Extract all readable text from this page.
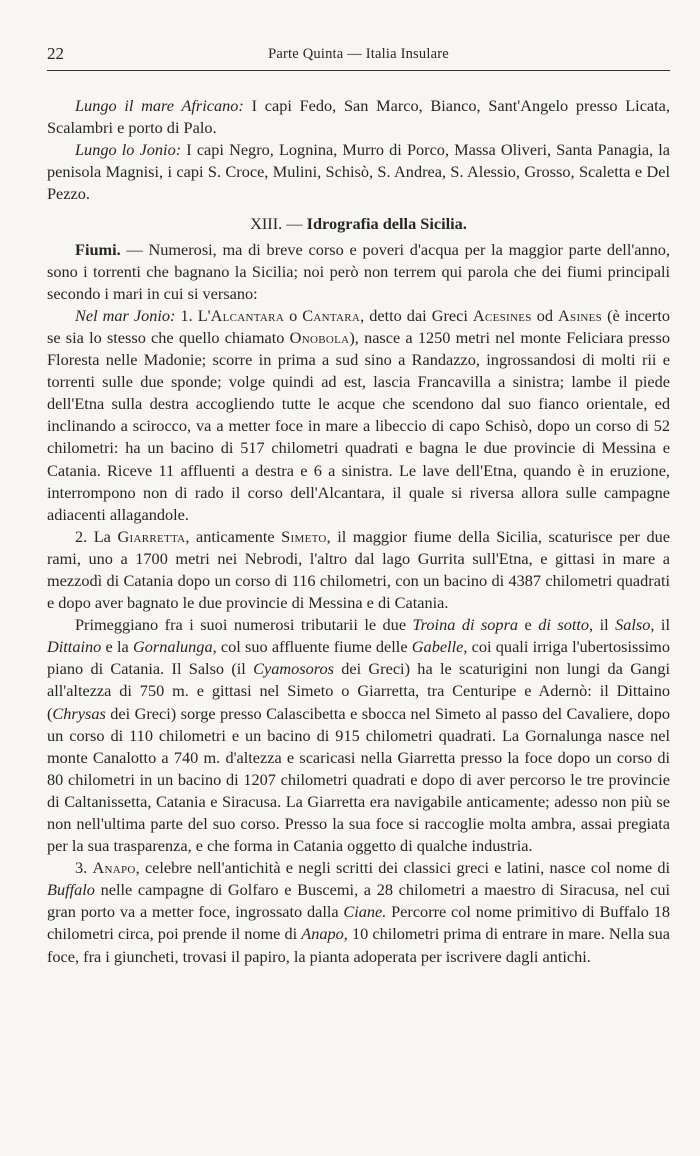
22	Parte Quinta — Italia Insulare

Lungo il mare Africano: I capi Fedo, San Marco, Bianco, Sant'Angelo presso Licata, Scalambri e porto di Palo.

Lungo lo Jonio: I capi Negro, Lognina, Murro di Porco, Massa Oliveri, Santa Panagia, la penisola Magnisi, i capi S. Croce, Mulini, Schisò, S. Andrea, S. Alessio, Grosso, Scaletta e Del Pezzo.

XIII. — Idrografia della Sicilia.

Fiumi. — Numerosi, ma di breve corso e poveri d'acqua per la maggior parte dell'anno, sono i torrenti che bagnano la Sicilia; noi però non terrem qui parola che dei fiumi principali secondo i mari in cui si versano:

Nel mar Jonio: 1. L'Alcantara o Cantara, detto dai Greci Acesines od Asines (è incerto se sia lo stesso che quello chiamato Onobola), nasce a 1250 metri nel monte Feliciara presso Floresta nelle Madonie; scorre in prima a sud sino a Randazzo, ingrossandosi di molti rii e torrenti sulle due sponde; volge quindi ad est, lascia Francavilla a sinistra; lambe il piede dell'Etna sulla destra accogliendo tutte le acque che scendono dal suo fianco orientale, ed inclinando a scirocco, va a metter foce in mare a libeccio di capo Schisò, dopo un corso di 52 chilometri: ha un bacino di 517 chilometri quadrati e bagna le due provincie di Messina e Catania. Riceve 11 affluenti a destra e 6 a sinistra. Le lave dell'Etna, quando è in eruzione, interrompono non di rado il corso dell'Alcantara, il quale si riversa allora sulle campagne adiacenti allagandole.

2. La Giarretta, anticamente Simeto, il maggior fiume della Sicilia, scaturisce per due rami, uno a 1700 metri nei Nebrodi, l'altro dal lago Gurrita sull'Etna, e gittasi in mare a mezzodì di Catania dopo un corso di 116 chilometri, con un bacino di 4387 chilometri quadrati e dopo aver bagnato le due provincie di Messina e di Catania.

Primeggiano fra i suoi numerosi tributarii le due Troina di sopra e di sotto, il Salso, il Dittaino e la Gornalunga, col suo affluente fiume delle Gabelle, coi quali irriga l'ubertosissimo piano di Catania. Il Salso (il Cyamosoros dei Greci) ha le scaturigini non lungi da Gangi all'altezza di 750 m. e gittasi nel Simeto o Giarretta, tra Centuripe e Adernò: il Dittaino (Chrysas dei Greci) sorge presso Calascibetta e sbocca nel Simeto al passo del Cavaliere, dopo un corso di 110 chilometri e un bacino di 915 chilometri quadrati. La Gornalunga nasce nel monte Canalotto a 740 m. d'altezza e scaricasi nella Giarretta presso la foce dopo un corso di 80 chilometri in un bacino di 1207 chilometri quadrati e dopo di aver percorso le tre provincie di Caltanissetta, Catania e Siracusa. La Giarretta era navigabile anticamente; adesso non più se non nell'ultima parte del suo corso. Presso la sua foce si raccoglie molta ambra, assai pregiata per la sua trasparenza, e che forma in Catania oggetto di qualche industria.

3. Anapo, celebre nell'antichità e negli scritti dei classici greci e latini, nasce col nome di Buffalo nelle campagne di Golfaro e Buscemi, a 28 chilometri a maestro di Siracusa, nel cui gran porto va a metter foce, ingrossato dalla Ciane. Percorre col nome primitivo di Buffalo 18 chilometri circa, poi prende il nome di Anapo, 10 chilometri prima di entrare in mare. Nella sua foce, fra i giuncheti, trovasi il papiro, la pianta adoperata per iscrivere dagli antichi.
